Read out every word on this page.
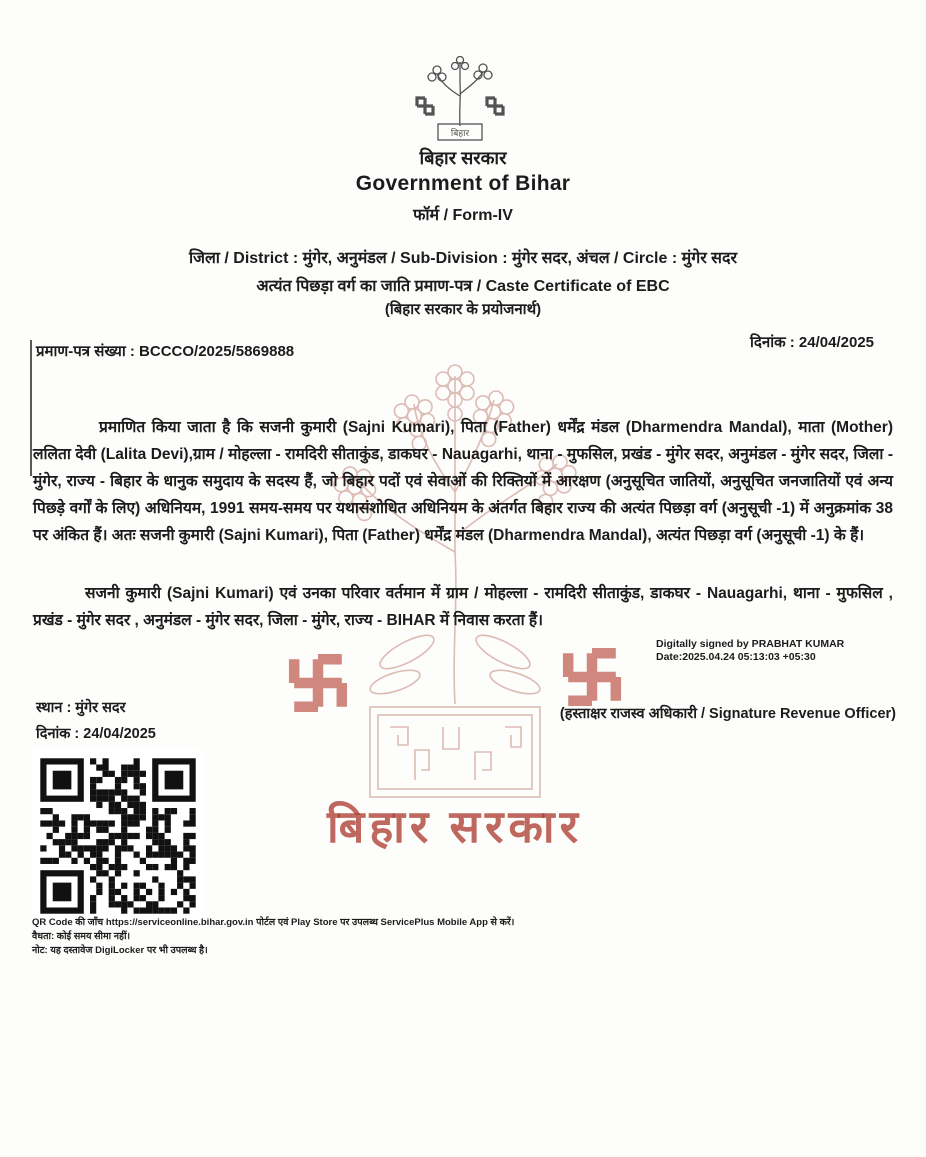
बिहार सरकार
बिहार
बिहार सरकार
Government of Bihar
फॉर्म / Form-IV
जिला / District : मुंगेर, अनुमंडल / Sub-Division : मुंगेर सदर, अंचल / Circle : मुंगेर सदर
अत्यंत पिछड़ा वर्ग का जाति प्रमाण-पत्र / Caste Certificate of EBC
(बिहार सरकार के प्रयोजनार्थ)
प्रमाण-पत्र संख्या : BCCCO/2025/5869888
दिनांक : 24/04/2025

प्रमाणित किया जाता है कि सजनी कुमारी (Sajni Kumari), पिता (Father) धर्मेंद्र मंडल (Dharmendra Mandal), माता (Mother) ललिता देवी (Lalita Devi),ग्राम / मोहल्ला - रामदिरी सीताकुंड, डाकघर - Nauagarhi, थाना - मुफसिल, प्रखंड - मुंगेर सदर, अनुमंडल - मुंगेर सदर, जिला - मुंगेर, राज्य - बिहार के धानुक समुदाय के सदस्य हैं, जो बिहार पदों एवं सेवाओं की रिक्तियों में आरक्षण (अनुसूचित जातियों, अनुसूचित जनजातियों एवं अन्य पिछड़े वर्गों के लिए) अधिनियम, 1991 समय-समय पर यथासंशोधित अधिनियम के अंतर्गत बिहार राज्य की अत्यंत पिछड़ा वर्ग (अनुसूची -1) में अनुक्रमांक 38 पर अंकित हैं। अतः सजनी कुमारी (Sajni Kumari), पिता (Father) धर्मेंद्र मंडल (Dharmendra Mandal), अत्यंत पिछड़ा वर्ग (अनुसूची -1) के हैं।

सजनी कुमारी (Sajni Kumari) एवं उनका परिवार वर्तमान में ग्राम / मोहल्ला - रामदिरी सीताकुंड, डाकघर - Nauagarhi, थाना - मुफसिल , प्रखंड - मुंगेर सदर , अनुमंडल - मुंगेर सदर, जिला - मुंगेर, राज्य - BIHAR में निवास करता हैं।

Digitally signed by PRABHAT KUMAR
Date:2025.04.24 05:13:03 +05:30
(हस्ताक्षर राजस्व अधिकारी / Signature Revenue Officer)
स्थान : मुंगेर सदर
दिनांक : 24/04/2025
QR Code की जाँच https://serviceonline.bihar.gov.in पोर्टल एवं Play Store पर उपलब्ध ServicePlus Mobile App से करें।
वैधता: कोई समय सीमा नहीं।
नोट: यह दस्तावेज DigiLocker पर भी उपलब्ध है।
